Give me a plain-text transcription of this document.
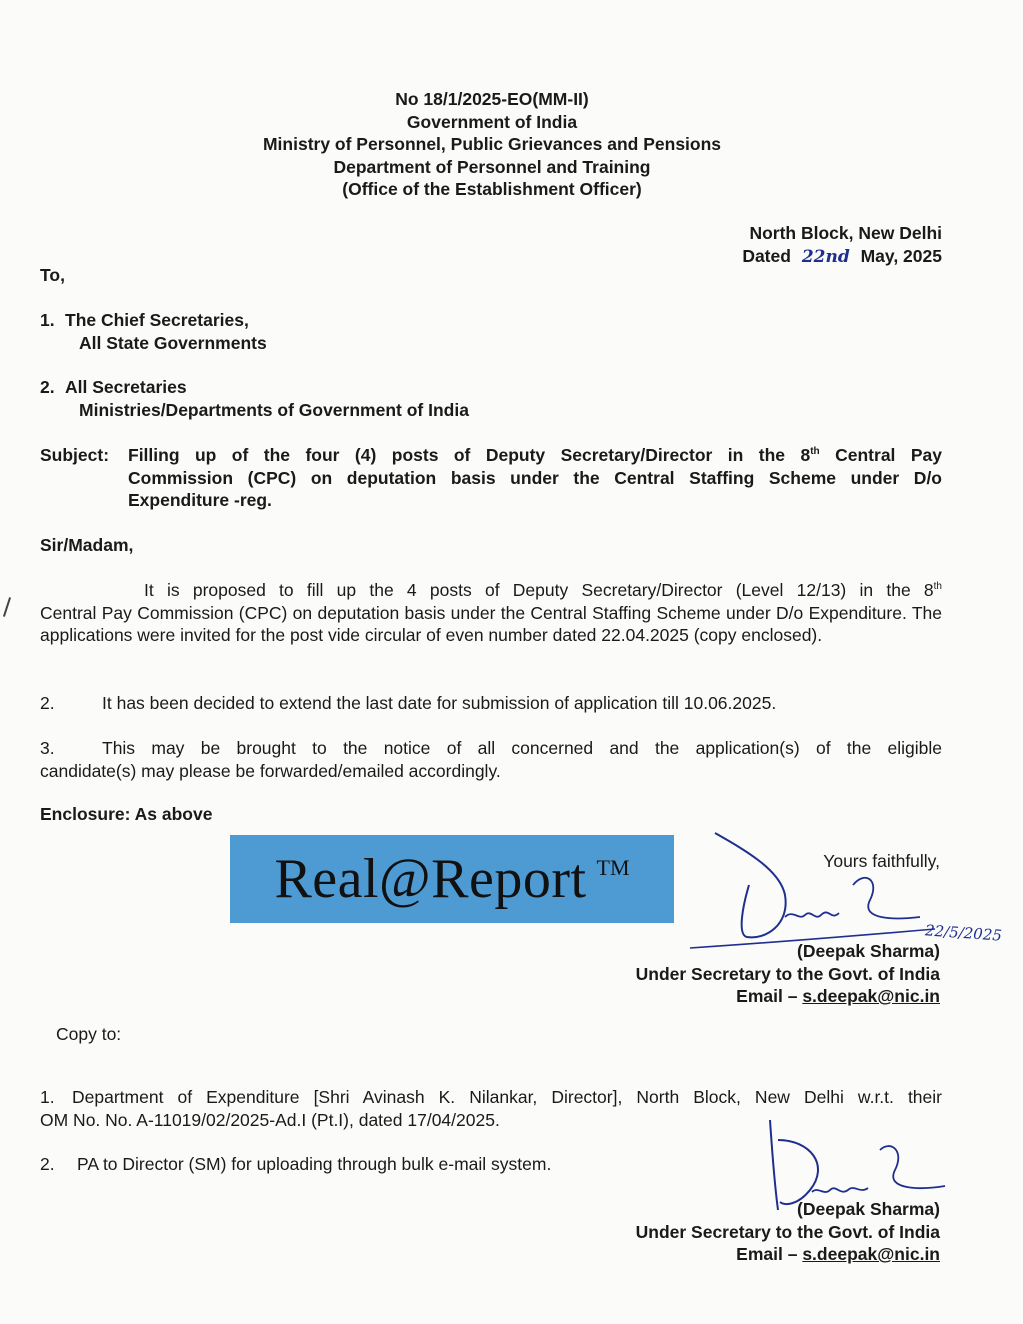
No 18/1/2025-EO(MM-II)
Government of India
Ministry of Personnel, Public Grievances and Pensions
Department of Personnel and Training
(Office of the Establishment Officer)
North Block, New Delhi
Dated 22nd May, 2025
To,
1. The Chief Secretaries,
All State Governments
2. All Secretaries
Ministries/Departments of Government of India
Subject: Filling up of the four (4) posts of Deputy Secretary/Director in the 8th Central Pay
Commission (CPC) on deputation basis under the Central Staffing Scheme under D/o
Expenditure -reg.
Sir/Madam,
It is proposed to fill up the 4 posts of Deputy Secretary/Director (Level 12/13) in the 8th
Central Pay Commission (CPC) on deputation basis under the Central Staffing Scheme under D/o Expenditure. The applications were invited for the post vide circular of even number dated 22.04.2025 (copy enclosed).
2.	It has been decided to extend the last date for submission of application till 10.06.2025.
3.	This may be brought to the notice of all concerned and the application(s) of the eligible
candidate(s) may please be forwarded/emailed accordingly.
Enclosure: As above
Real@Report TM	Yours faithfully,
22/5/2025
(Deepak Sharma)
Under Secretary to the Govt. of India
Email – s.deepak@nic.in
Copy to:
1. Department of Expenditure [Shri Avinash K. Nilankar, Director], North Block, New Delhi w.r.t. their
OM No. No. A-11019/02/2025-Ad.I (Pt.I), dated 17/04/2025.
2. PA to Director (SM) for uploading through bulk e-mail system.
(Deepak Sharma)
Under Secretary to the Govt. of India
Email – s.deepak@nic.in
